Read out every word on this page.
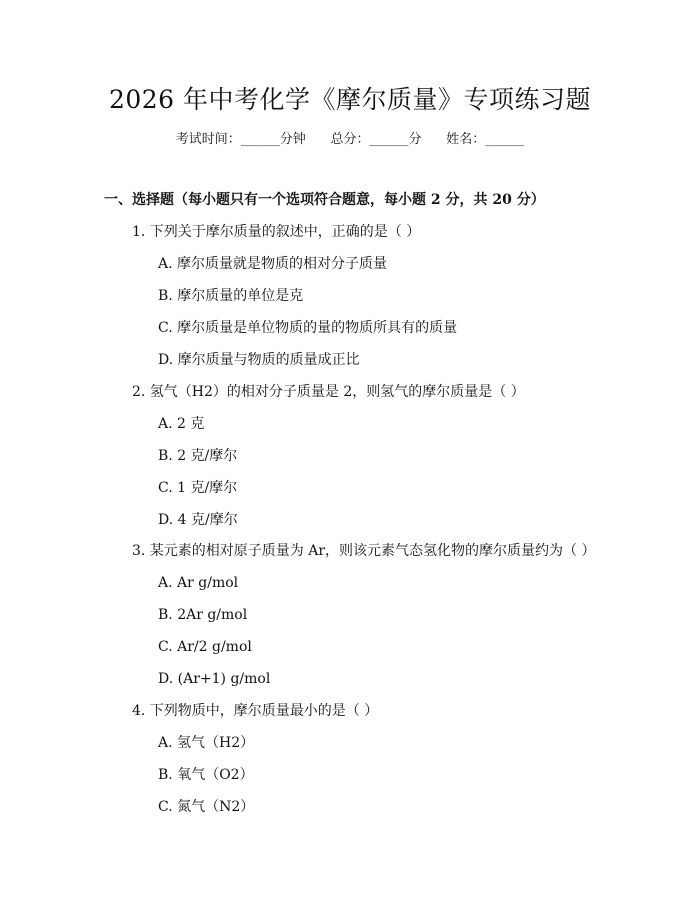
2026 年中考化学《摩尔质量》专项练习题
考试时间：______分钟      总分：______分      姓名：______
一、选择题（每小题只有一个选项符合题意，每小题 2 分，共 20 分）
1. 下列关于摩尔质量的叙述中，正确的是（ ）
A. 摩尔质量就是物质的相对分子质量
B. 摩尔质量的单位是克
C. 摩尔质量是单位物质的量的物质所具有的质量
D. 摩尔质量与物质的质量成正比
2. 氢气（H2）的相对分子质量是 2，则氢气的摩尔质量是（ ）
A. 2 克
B. 2 克/摩尔
C. 1 克/摩尔
D. 4 克/摩尔
3. 某元素的相对原子质量为 Ar，则该元素气态氢化物的摩尔质量约为（ ）
A. Ar g/mol
B. 2Ar g/mol
C. Ar/2 g/mol
D. (Ar+1) g/mol
4. 下列物质中，摩尔质量最小的是（ ）
A. 氢气（H2）
B. 氧气（O2）
C. 氮气（N2）
